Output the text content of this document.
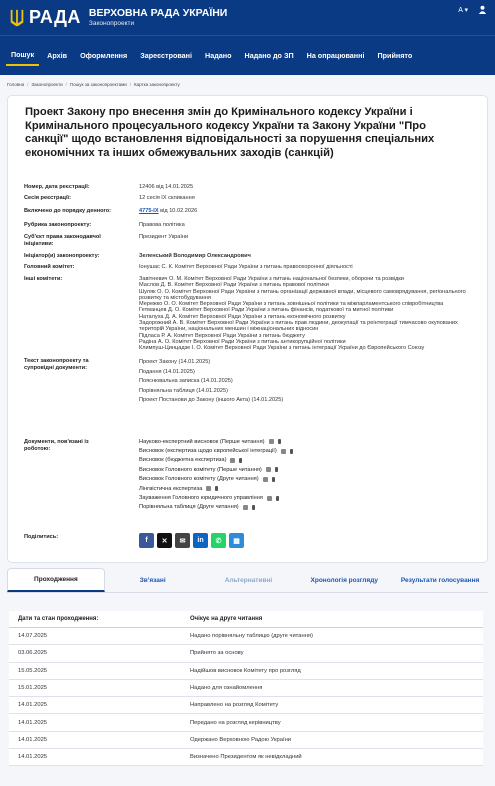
РАДА ВЕРХОВНА РАДА УКРАЇНИ
Законопроекти
A ▾
Пошук	Архів	Оформлення	Зареєстровані	Надано	Надано до ЗП	На опрацюванні	Прийнято
Головна / Законопроекти / Пошук за законопроектами / Картка законопроекту
Проект Закону про внесення змін до Кримінального кодексу України і Кримінального процесуального кодексу України та Закону України "Про санкції" щодо встановлення відповідальності за порушення спеціальних економічних та інших обмежувальних заходів (санкцій)
Номер, дата реєстрації:	12406 від 14.01.2025
Сесія реєстрації:	12 сесія IX скликання
Включено до порядку денного:	4775-IX від 10.02.2026
Рубрика законопроекту:	Правова політика
Суб'єкт права законодавчої ініціативи:
Президент України
Ініціатор(и) законопроекту:	Зеленський Володимир Олександрович
Головний комітет:	Іонушас С. К. Комітет Верховної Ради України з питань правоохоронної діяльності
Інші комітети:	Завітневич О. М. Комітет Верховної Ради України з питань національної безпеки, оборони та розвідки
Маслов Д. В. Комітет Верховної Ради України з питань правової політики
Шуляк О. О. Комітет Верховної Ради України з питань організації державної влади, місцевого самоврядування, регіонального розвитку та містобудування
Мережко О. О. Комітет Верховної Ради України з питань зовнішньої політики та міжпарламентського співробітництва
Гетманцев Д. О. Комітет Верховної Ради України з питань фінансів, податкової та митної політики
Наталуха Д. А. Комітет Верховної Ради України з питань економічного розвитку
Задорожний А. В. Комітет Верховної Ради України з питань прав людини, деокупації та реінтеграції тимчасово окупованих територій України, національних меншин і міжнаціональних відносин
Підласа Р. А. Комітет Верховної Ради України з питань бюджету
Радіна А. О. Комітет Верховної Ради України з питань антикорупційної політики
Климпуш-Цинцадзе І. О. Комітет Верховної Ради України з питань інтеграції України до Європейського Союзу
Текст законопроекту та супровідні документи:
Проект Закону (14.01.2025)
Подання (14.01.2025)
Пояснювальна записка (14.01.2025)
Порівняльна таблиця (14.01.2025)
Проект Постанови до Закону (іншого Акта) (14.01.2025)
Документи, пов'язані із роботою:
Науково-експертний висновок (Перше читання)
Висновок (експертиза щодо європейської інтеграції)
Висновок (бюджетна експертиза)
Висновок Головного комітету (Перше читання)
Висновок Головного комітету (Друге читання)
Лінгвістична експертиза
Зауваження Головного юридичного управління
Порівняльна таблиця (Друге читання)
Поділитись:	f ✕ ✉ in ✆ ▦
Проходження	Зв'язані	Альтернативні	Хронологія розгляду	Результати голосування
Дати та стан проходження:	Очікує на друге читання
14.07.2025	Надано порівняльну таблицю (друге читання)
03.06.2025	Прийнято за основу
15.05.2025	Надійшов висновок Комітету про розгляд
15.01.2025	Надано для ознайомлення
14.01.2025	Направлено на розгляд Комітету
14.01.2025	Передано на розгляд керівництву
14.01.2025	Одержано Верховною Радою України
14.01.2025	Визначено Президентом як невідкладний
